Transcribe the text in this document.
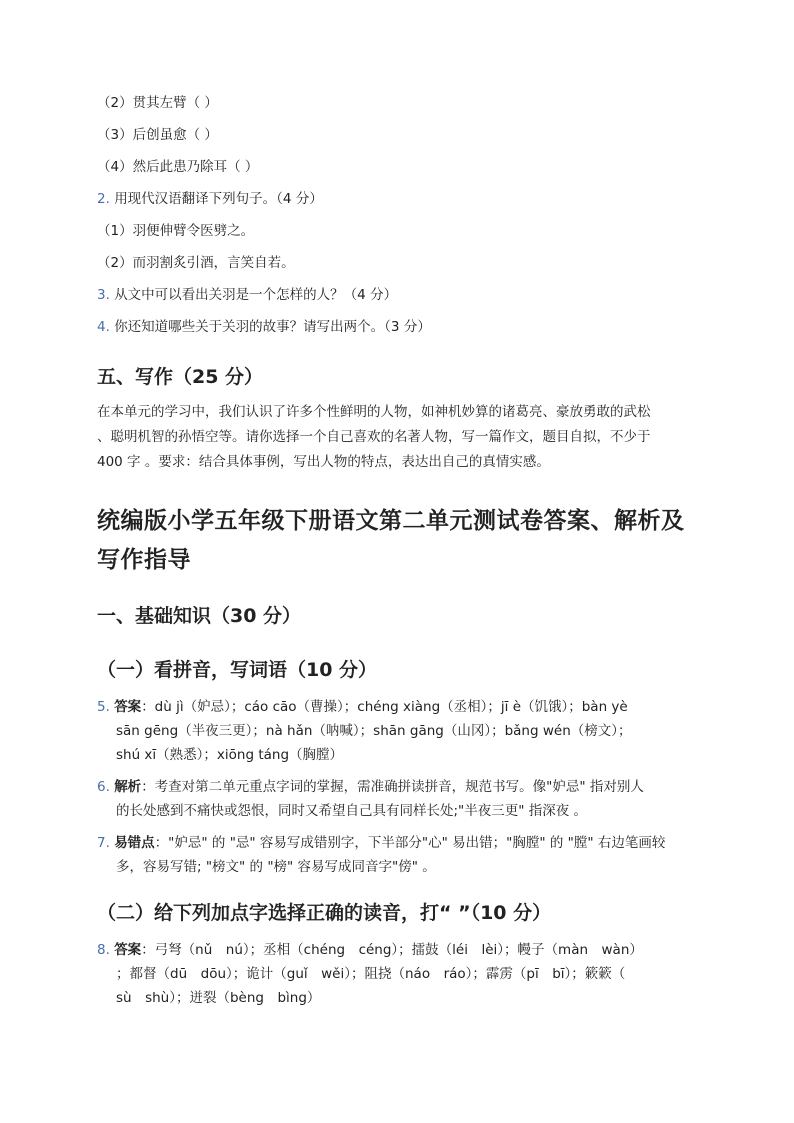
（2）贯其左臂（ ）
（3）后创虽愈（ ）
（4）然后此患乃除耳（ ）
2. 用现代汉语翻译下列句子。（4 分）
（1）羽便伸臂令医劈之。
（2）而羽割炙引酒，言笑自若。
3. 从文中可以看出关羽是一个怎样的人？（4 分）
4. 你还知道哪些关于关羽的故事？请写出两个。（3 分）
五、写作（25 分）
在本单元的学习中，我们认识了许多个性鲜明的人物，如神机妙算的诸葛亮、豪放勇敢的武松
、聪明机智的孙悟空等。请你选择一个自己喜欢的名著人物，写一篇作文，题目自拟，不少于
400 字 。要求：结合具体事例，写出人物的特点，表达出自己的真情实感。
统编版小学五年级下册语文第二单元测试卷答案、解析及
写作指导
一、基础知识（30 分）
（一）看拼音，写词语（10 分）
5. 答案：dù jì（妒忌）；cáo cāo（曹操）；chéng xiàng（丞相）；jī è（饥饿）；bàn yè
sān gēng（半夜三更）；nà hǎn（呐喊）；shān gāng（山冈）；bǎng wén（榜文）；
shú xī（熟悉）；xiōng táng（胸膛）
6. 解析：考查对第二单元重点字词的掌握，需准确拼读拼音，规范书写。像"妒忌" 指对别人
的长处感到不痛快或怨恨，同时又希望自己具有同样长处;"半夜三更" 指深夜 。
7. 易错点："妒忌" 的 "忌" 容易写成错别字，下半部分"心" 易出错；"胸膛" 的 "膛" 右边笔画较
多，容易写错; "榜文" 的 "榜" 容易写成同音字"傍" 。
（二）给下列加点字选择正确的读音，打“ ”（10 分）
8. 答案：弓弩（nǔ　nú）；丞相（chéng　céng）；擂鼓（léi　lèi）；幔子（màn　wàn）
；都督（dū　dōu）；诡计（guǐ　wěi）；阻挠（náo　ráo）；霹雳（pī　bī）；簌簌（
sù　shù）；迸裂（bèng　bìng）
